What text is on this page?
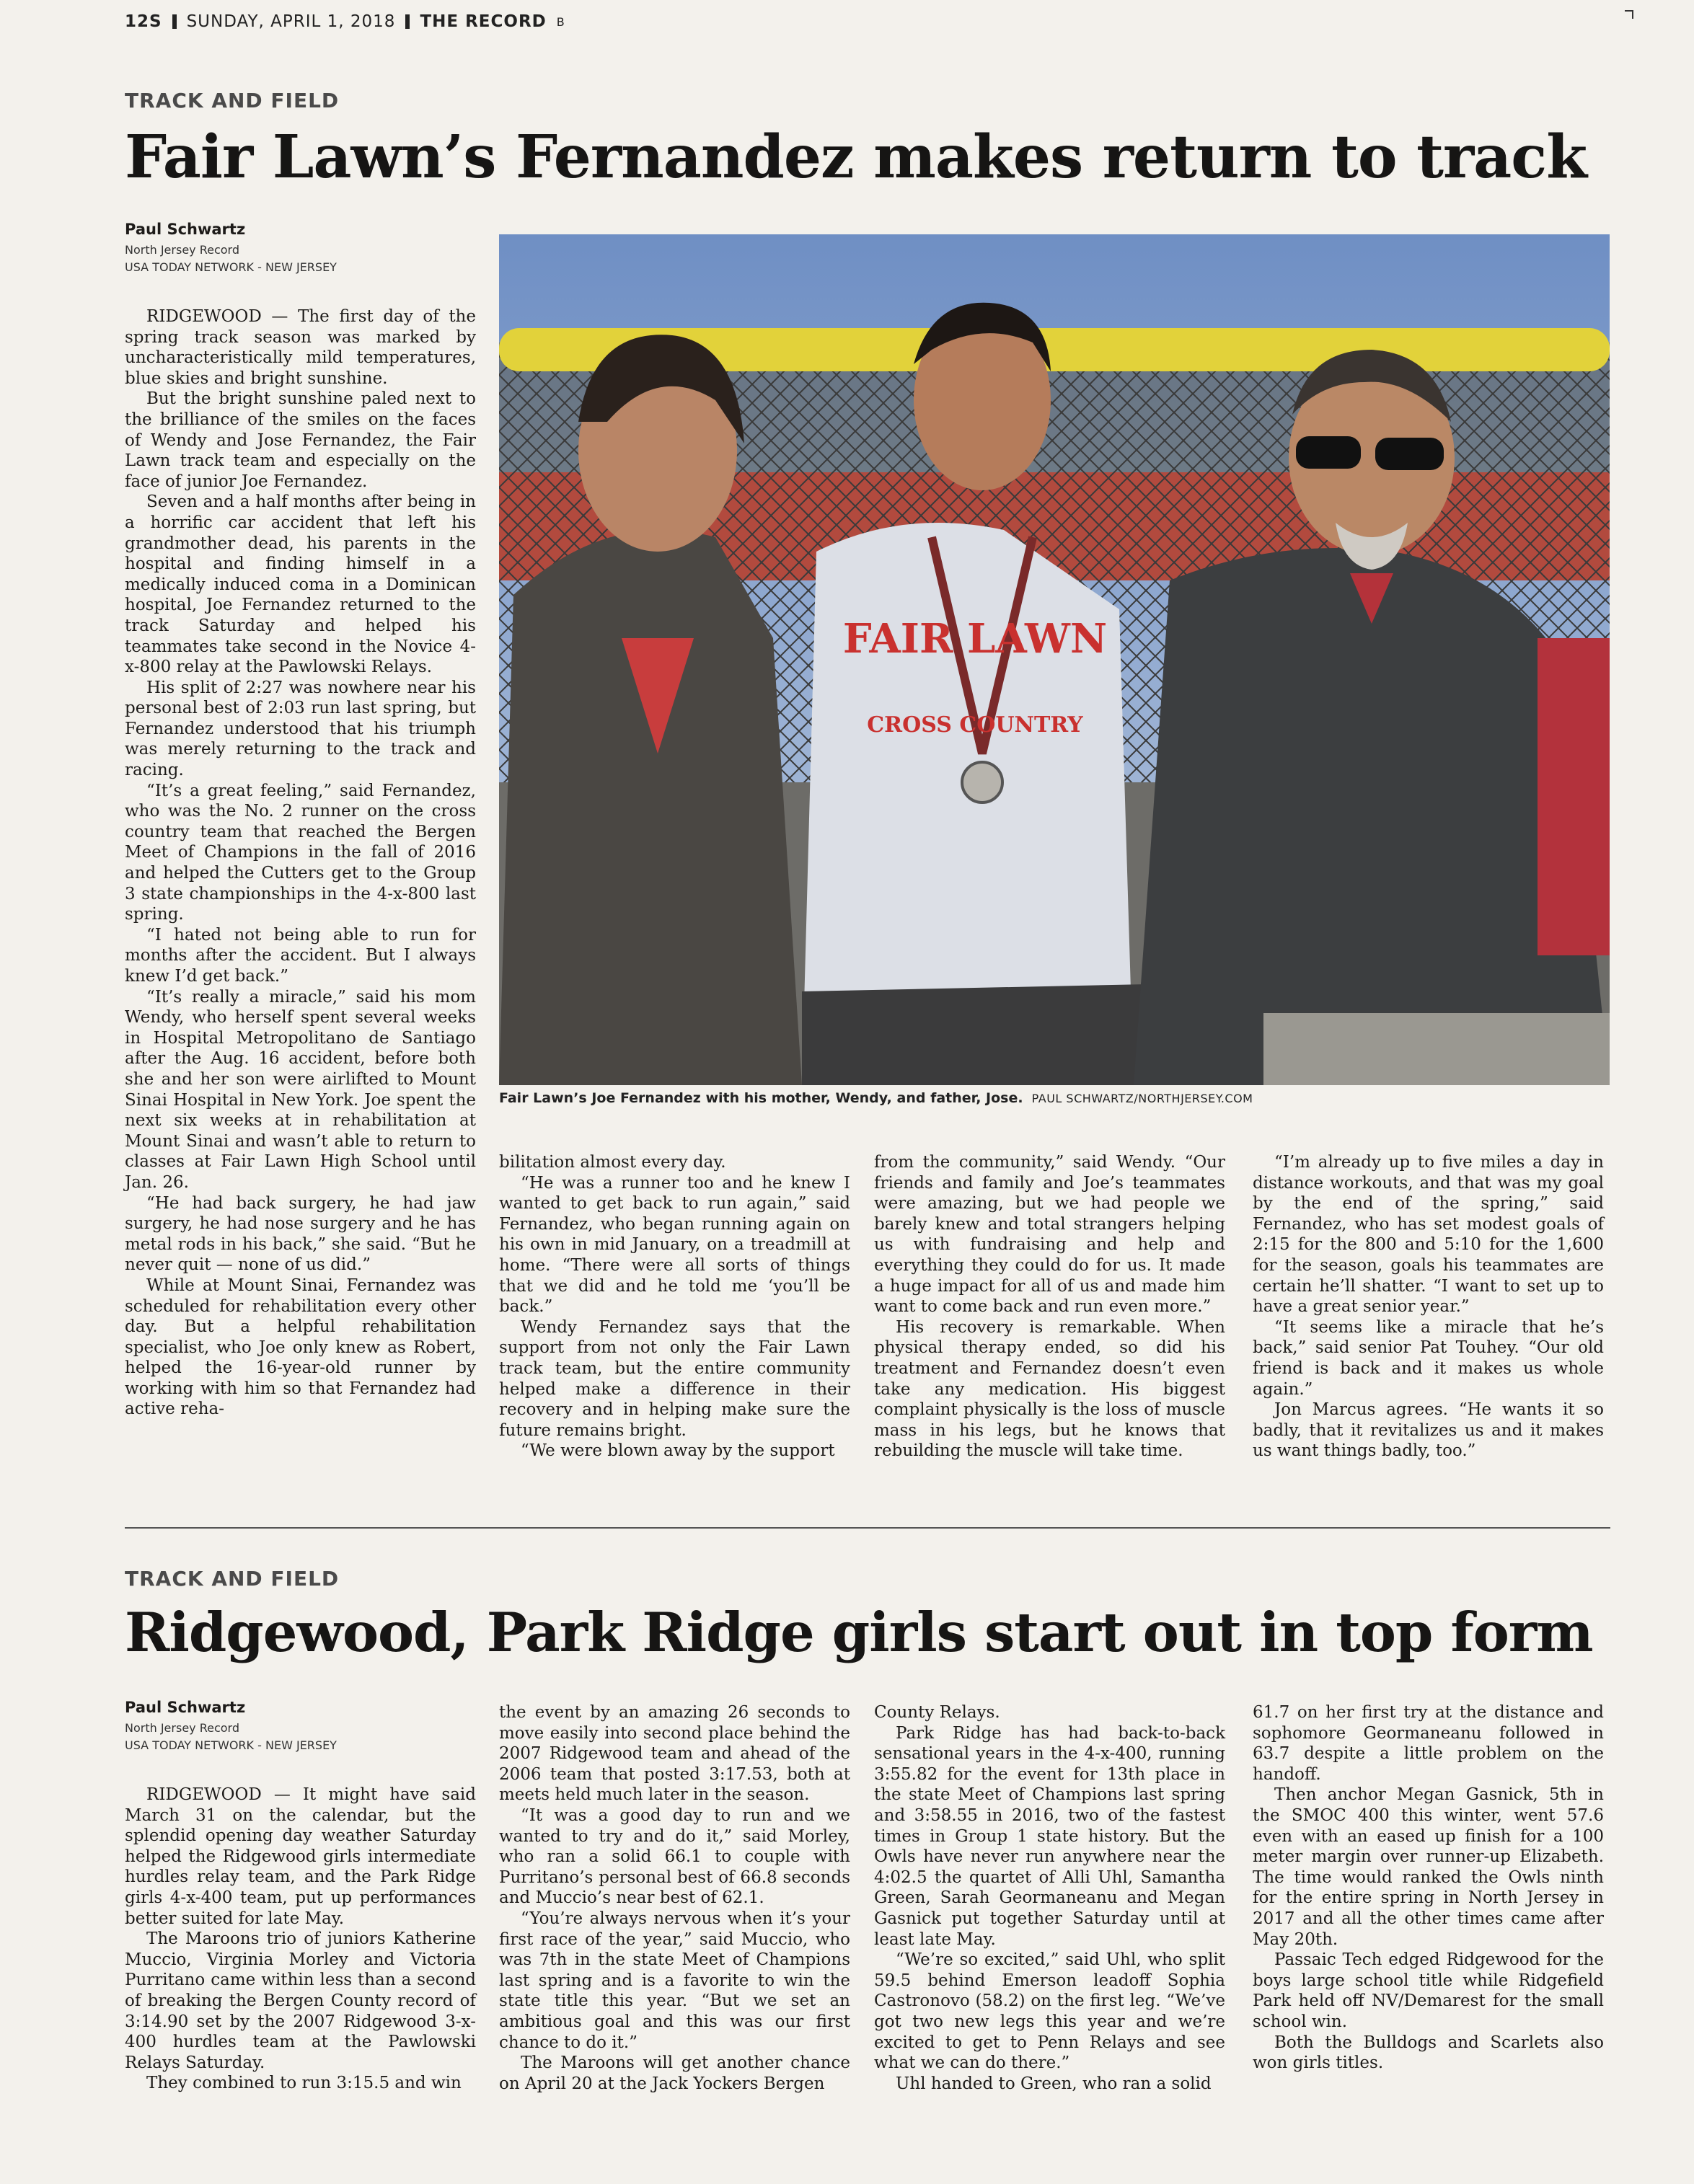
12S SUNDAY, APRIL 1, 2018 THE RECORD B
TRACK AND FIELD
Fair Lawn’s Fernandez makes return to track
Paul Schwartz
North Jersey Record
USA TODAY NETWORK - NEW JERSEY

RIDGEWOOD — The first day of the spring track season was marked by uncharacteristically mild temperatures, blue skies and bright sunshine.

But the bright sunshine paled next to the brilliance of the smiles on the faces of Wendy and Jose Fernandez, the Fair Lawn track team and especially on the face of junior Joe Fernandez.

Seven and a half months after being in a horrific car accident that left his grandmother dead, his parents in the hospital and finding himself in a medically induced coma in a Dominican hospital, Joe Fernandez returned to the track Saturday and helped his teammates take second in the Novice 4-x-800 relay at the Pawlowski Relays.

His split of 2:27 was nowhere near his personal best of 2:03 run last spring, but Fernandez understood that his triumph was merely returning to the track and racing.

“It’s a great feeling,” said Fernandez, who was the No. 2 runner on the cross country team that reached the Bergen Meet of Champions in the fall of 2016 and helped the Cutters get to the Group 3 state championships in the 4-x-800 last spring.

“I hated not being able to run for months after the accident. But I always knew I’d get back.”

“It’s really a miracle,” said his mom Wendy, who herself spent several weeks in Hospital Metropolitano de Santiago after the Aug. 16 accident, before both she and her son were airlifted to Mount Sinai Hospital in New York. Joe spent the next six weeks at in rehabilitation at Mount Sinai and wasn’t able to return to classes at Fair Lawn High School until Jan. 26.

“He had back surgery, he had jaw surgery, he had nose surgery and he has metal rods in his back,” she said. “But he never quit — none of us did.”

While at Mount Sinai, Fernandez was scheduled for rehabilitation every other day. But a helpful rehabilitation specialist, who Joe only knew as Robert, helped the 16-year-old runner by working with him so that Fernandez had active reha-

bilitation almost every day.

“He was a runner too and he knew I wanted to get back to run again,” said Fernandez, who began running again on his own in mid January, on a treadmill at home. “There were all sorts of things that we did and he told me ‘you’ll be back.”

Wendy Fernandez says that the support from not only the Fair Lawn track team, but the entire community helped make a difference in their recovery and in helping make sure the future remains bright.

“We were blown away by the support

from the community,” said Wendy. “Our friends and family and Joe’s teammates were amazing, but we had people we barely knew and total strangers helping us with fundraising and help and everything they could do for us. It made a huge impact for all of us and made him want to come back and run even more.”

His recovery is remarkable. When physical therapy ended, so did his treatment and Fernandez doesn’t even take any medication. His biggest complaint physically is the loss of muscle mass in his legs, but he knows that rebuilding the muscle will take time.

“I’m already up to five miles a day in distance workouts, and that was my goal by the end of the spring,” said Fernandez, who has set modest goals of 2:15 for the 800 and 5:10 for the 1,600 for the season, goals his teammates are certain he’ll shatter. “I want to set up to have a great senior year.”

“It seems like a miracle that he’s back,” said senior Pat Touhey. “Our old friend is back and it makes us whole again.”

Jon Marcus agrees. “He wants it so badly, that it revitalizes us and it makes us want things badly, too.”

FAIR LAWN
CROSS COUNTRY
Fair Lawn’s Joe Fernandez with his mother, Wendy, and father, Jose. PAUL SCHWARTZ/NORTHJERSEY.COM
TRACK AND FIELD
Ridgewood, Park Ridge girls start out in top form
Paul Schwartz
North Jersey Record
USA TODAY NETWORK - NEW JERSEY

RIDGEWOOD — It might have said March 31 on the calendar, but the splendid opening day weather Saturday helped the Ridgewood girls intermediate hurdles relay team, and the Park Ridge girls 4-x-400 team, put up performances better suited for late May.

The Maroons trio of juniors Katherine Muccio, Virginia Morley and Victoria Purritano came within less than a second of breaking the Bergen County record of 3:14.90 set by the 2007 Ridgewood 3-x-400 hurdles team at the Pawlowski Relays Saturday.

They combined to run 3:15.5 and win

the event by an amazing 26 seconds to move easily into second place behind the 2007 Ridgewood team and ahead of the 2006 team that posted 3:17.53, both at meets held much later in the season.

“It was a good day to run and we wanted to try and do it,” said Morley, who ran a solid 66.1 to couple with Purritano’s personal best of 66.8 seconds and Muccio’s near best of 62.1.

“You’re always nervous when it’s your first race of the year,” said Muccio, who was 7th in the state Meet of Champions last spring and is a favorite to win the state title this year. “But we set an ambitious goal and this was our first chance to do it.”

The Maroons will get another chance on April 20 at the Jack Yockers Bergen

County Relays.

Park Ridge has had back-to-back sensational years in the 4-x-400, running 3:55.82 for the event for 13th place in the state Meet of Champions last spring and 3:58.55 in 2016, two of the fastest times in Group 1 state history. But the Owls have never run anywhere near the 4:02.5 the quartet of Alli Uhl, Samantha Green, Sarah Geormaneanu and Megan Gasnick put together Saturday until at least late May.

“We’re so excited,” said Uhl, who split 59.5 behind Emerson leadoff Sophia Castronovo (58.2) on the first leg. “We’ve got two new legs this year and we’re excited to get to Penn Relays and see what we can do there.”

Uhl handed to Green, who ran a solid

61.7 on her first try at the distance and sophomore Geormaneanu followed in 63.7 despite a little problem on the handoff.

Then anchor Megan Gasnick, 5th in the SMOC 400 this winter, went 57.6 even with an eased up finish for a 100 meter margin over runner-up Elizabeth. The time would ranked the Owls ninth for the entire spring in North Jersey in 2017 and all the other times came after May 20th.

Passaic Tech edged Ridgewood for the boys large school title while Ridgefield Park held off NV/Demarest for the small school win.

Both the Bulldogs and Scarlets also won girls titles.
